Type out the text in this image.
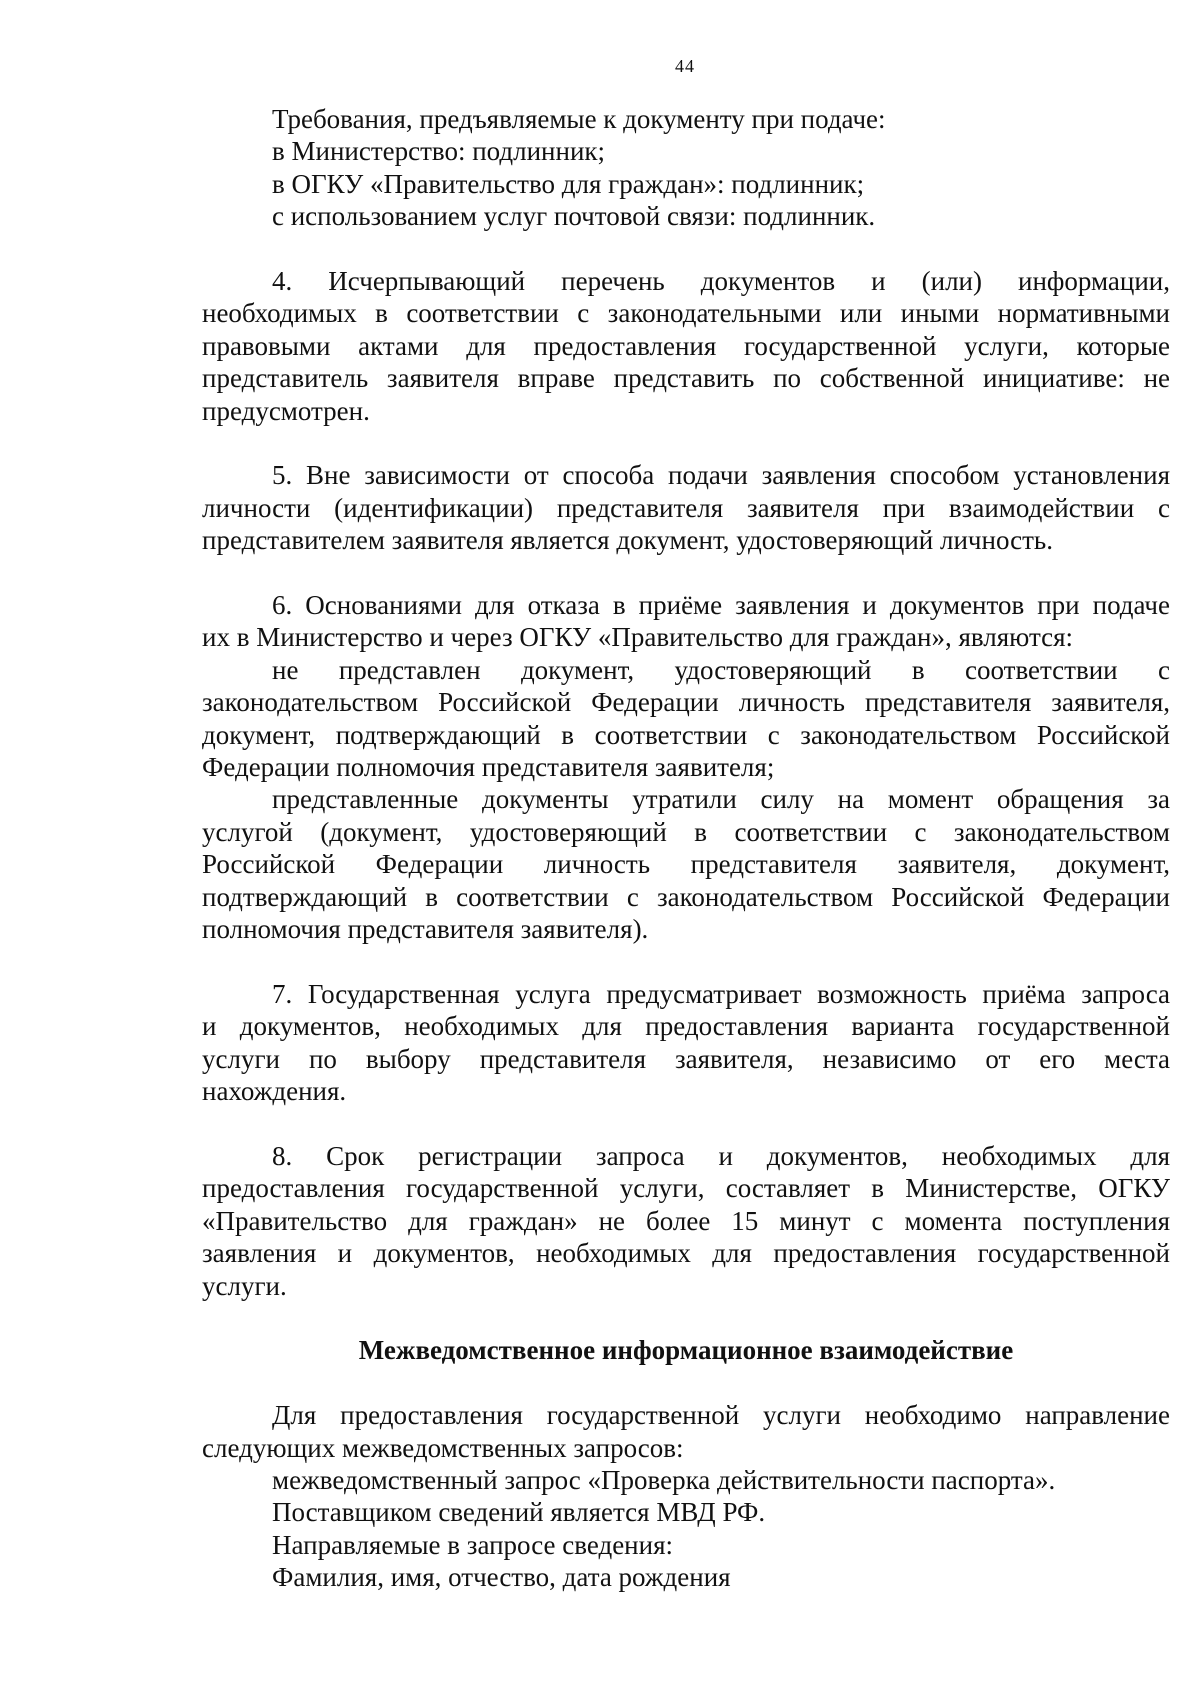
44
Требования, предъявляемые к документу при подаче:
в Министерство: подлинник;
в ОГКУ «Правительство для граждан»: подлинник;
с использованием услуг почтовой связи: подлинник.
4. Исчерпывающий перечень документов и (или) информации,
необходимых в соответствии с законодательными или иными нормативными
правовыми актами для предоставления государственной услуги, которые
представитель заявителя вправе представить по собственной инициативе: не
предусмотрен.
5. Вне зависимости от способа подачи заявления способом установления
личности (идентификации) представителя заявителя при взаимодействии с
представителем заявителя является документ, удостоверяющий личность.
6. Основаниями для отказа в приёме заявления и документов при подаче
их в Министерство и через ОГКУ «Правительство для граждан», являются:
не представлен документ, удостоверяющий в соответствии с
законодательством Российской Федерации личность представителя заявителя,
документ, подтверждающий в соответствии с законодательством Российской
Федерации полномочия представителя заявителя;
представленные документы утратили силу на момент обращения за
услугой (документ, удостоверяющий в соответствии с законодательством
Российской Федерации личность представителя заявителя, документ,
подтверждающий в соответствии с законодательством Российской Федерации
полномочия представителя заявителя).
7. Государственная услуга предусматривает возможность приёма запроса
и документов, необходимых для предоставления варианта государственной
услуги по выбору представителя заявителя, независимо от его места
нахождения.
8. Срок регистрации запроса и документов, необходимых для
предоставления государственной услуги, составляет в Министерстве, ОГКУ
«Правительство для граждан» не более 15 минут с момента поступления
заявления и документов, необходимых для предоставления государственной
услуги.
Межведомственное информационное взаимодействие
Для предоставления государственной услуги необходимо направление
следующих межведомственных запросов:
межведомственный запрос «Проверка действительности паспорта».
Поставщиком сведений является МВД РФ.
Направляемые в запросе сведения:
Фамилия, имя, отчество, дата рождения
